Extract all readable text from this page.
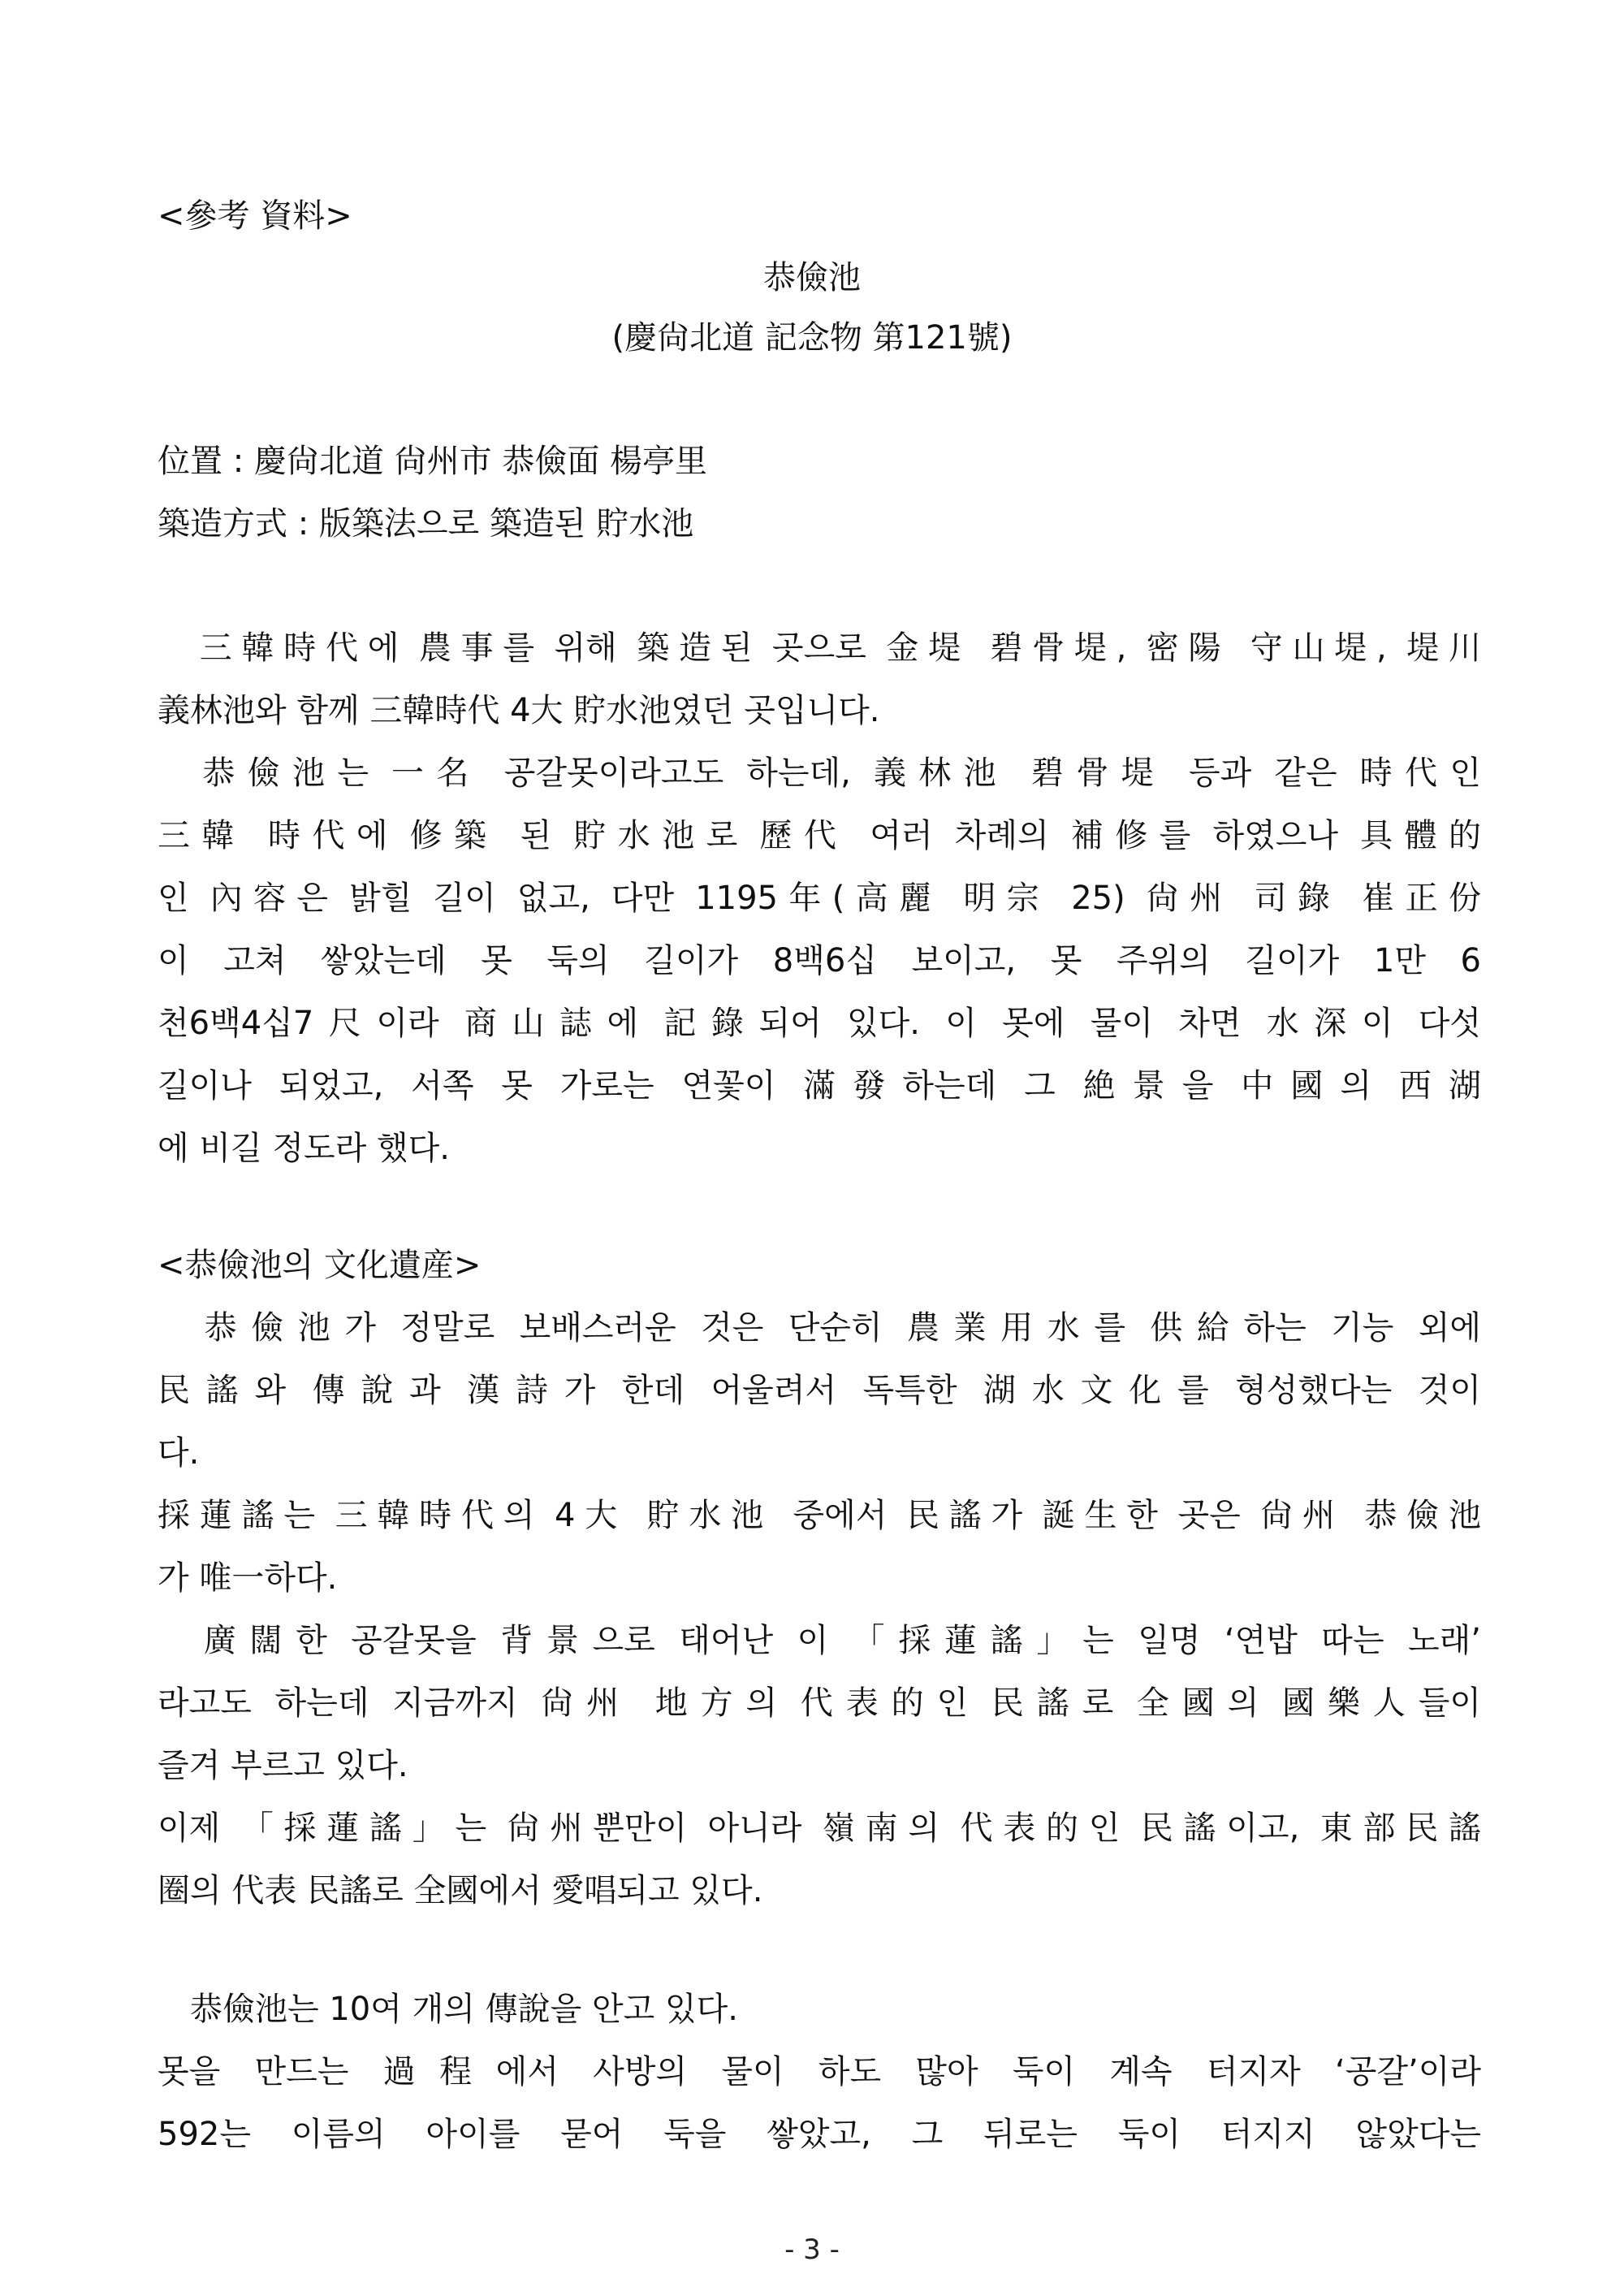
<參考 資料>
恭儉池
(慶尙北道 記念物 第121號)
位置 : 慶尙北道 尙州市 恭儉面 楊亭里
築造方式 : 版築法으로 築造된 貯水池
　三韓時代에 農事를 위해 築造된 곳으로 金堤 碧骨堤, 密陽 守山堤, 堤川
義林池와 함께 三韓時代 4大 貯水池였던 곳입니다.
　恭儉池는 一名 공갈못이라고도 하는데, 義林池 碧骨堤 등과 같은 時代인
三韓 時代에 修築 된 貯水池로 歷代 여러 차례의 補修를 하였으나 具體的
인 內容은 밝힐 길이 없고, 다만 1195年(高麗 明宗 25) 尙州 司錄 崔正份
이 고쳐 쌓았는데 못 둑의 길이가 8백6십 보이고, 못 주위의 길이가 1만 6
천6백4십7尺이라 商山誌에 記錄되어 있다. 이 못에 물이 차면 水深이 다섯
길이나 되었고, 서쪽 못 가로는 연꽃이 滿發하는데 그 絶景을 中國의 西湖
에 비길 정도라 했다.
<恭儉池의 文化遺産>
　恭儉池가 정말로 보배스러운 것은 단순히 農業用水를 供給하는 기능 외에
民謠와 傳說과 漢詩가 한데 어울려서 독특한 湖水文化를 형성했다는 것이
다.
採蓮謠는 三韓時代의 4大 貯水池 중에서 民謠가 誕生한 곳은 尙州 恭儉池
가 唯一하다.
　廣闊한 공갈못을 背景으로 태어난 이 「採蓮謠」는 일명 ‘연밥 따는 노래’
라고도 하는데 지금까지 尙州 地方의 代表的인 民謠로 全國의 國樂人들이
즐겨 부르고 있다.
이제 「採蓮謠」는 尙州뿐만이 아니라 嶺南의 代表的인 民謠이고, 東部民謠
圈의 代表 民謠로 全國에서 愛唱되고 있다.
　恭儉池는 10여 개의 傳說을 안고 있다.
못을 만드는 過程에서 사방의 물이 하도 많아 둑이 계속 터지자 ‘공갈’이라
592는 이름의 아이를 묻어 둑을 쌓았고, 그 뒤로는 둑이 터지지 않았다는
- 3 -
